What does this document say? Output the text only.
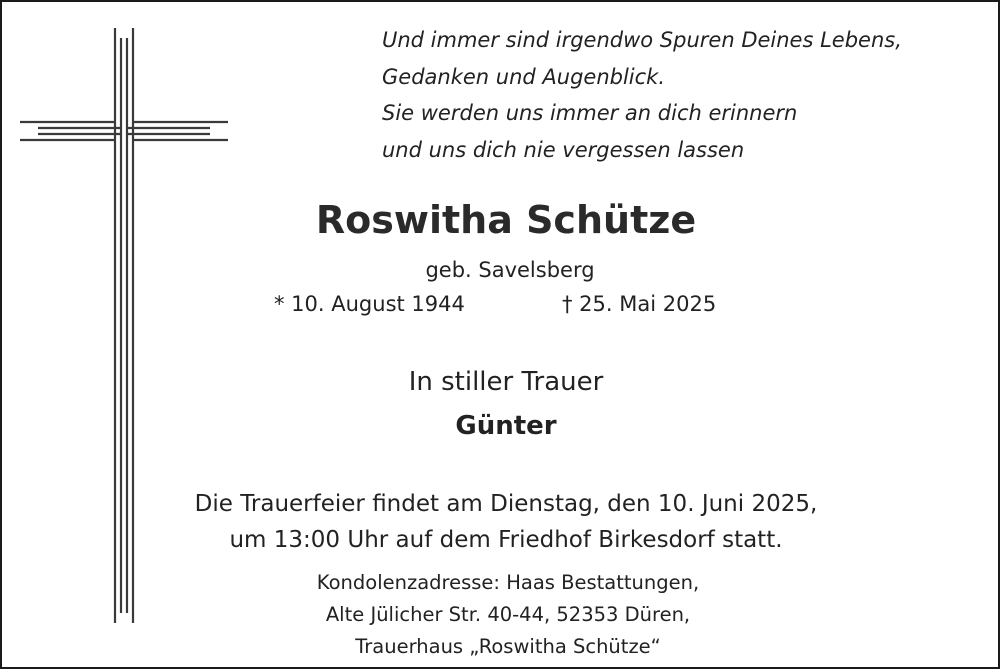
Und immer sind irgendwo Spuren Deines Lebens,
Gedanken und Augenblick.
Sie werden uns immer an dich erinnern
und uns dich nie vergessen lassen
Roswitha Schütze
geb. Savelsberg
* 10. August 1944	† 25. Mai 2025
In stiller Trauer
Günter
Die Trauerfeier findet am Dienstag, den 10. Juni 2025,
um 13:00 Uhr auf dem Friedhof Birkesdorf statt.
Kondolenzadresse: Haas Bestattungen,
Alte Jülicher Str. 40-44, 52353 Düren,
Trauerhaus „Roswitha Schütze“
